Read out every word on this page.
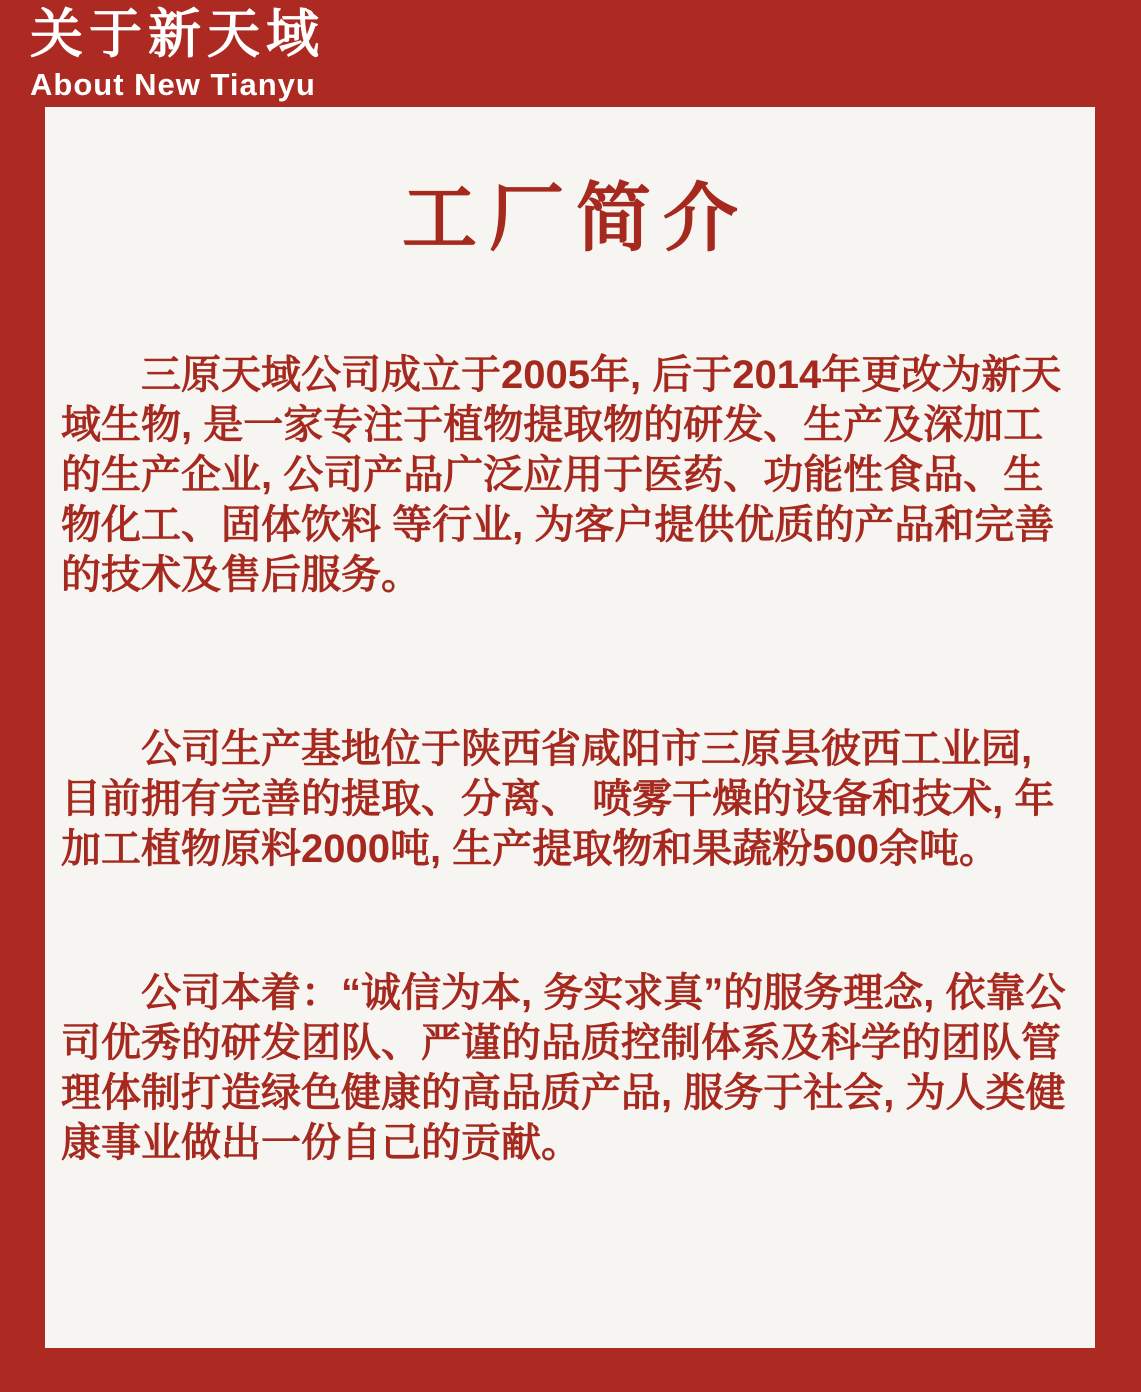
关于新天域
About New Tianyu
工厂简介

三原天域公司成立于2005年, 后于2014年更改为新天域生物, 是一家专注于植物提取物的研发、生产及深加工的生产企业, 公司产品广泛应用于医药、功能性食品、生物化工、固体饮料 等行业, 为客户提供优质的产品和完善的技术及售后服务。

公司生产基地位于陕西省咸阳市三原县彼西工业园, 目前拥有完善的提取、分离、 喷雾干燥的设备和技术, 年加工植物原料2000吨, 生产提取物和果蔬粉500余吨。

公司本着：“诚信为本, 务实求真”的服务理念, 依靠公司优秀的研发团队、严谨的品质控制体系及科学的团队管理体制打造绿色健康的高品质产品, 服务于社会, 为人类健康事业做出一份自己的贡献。
